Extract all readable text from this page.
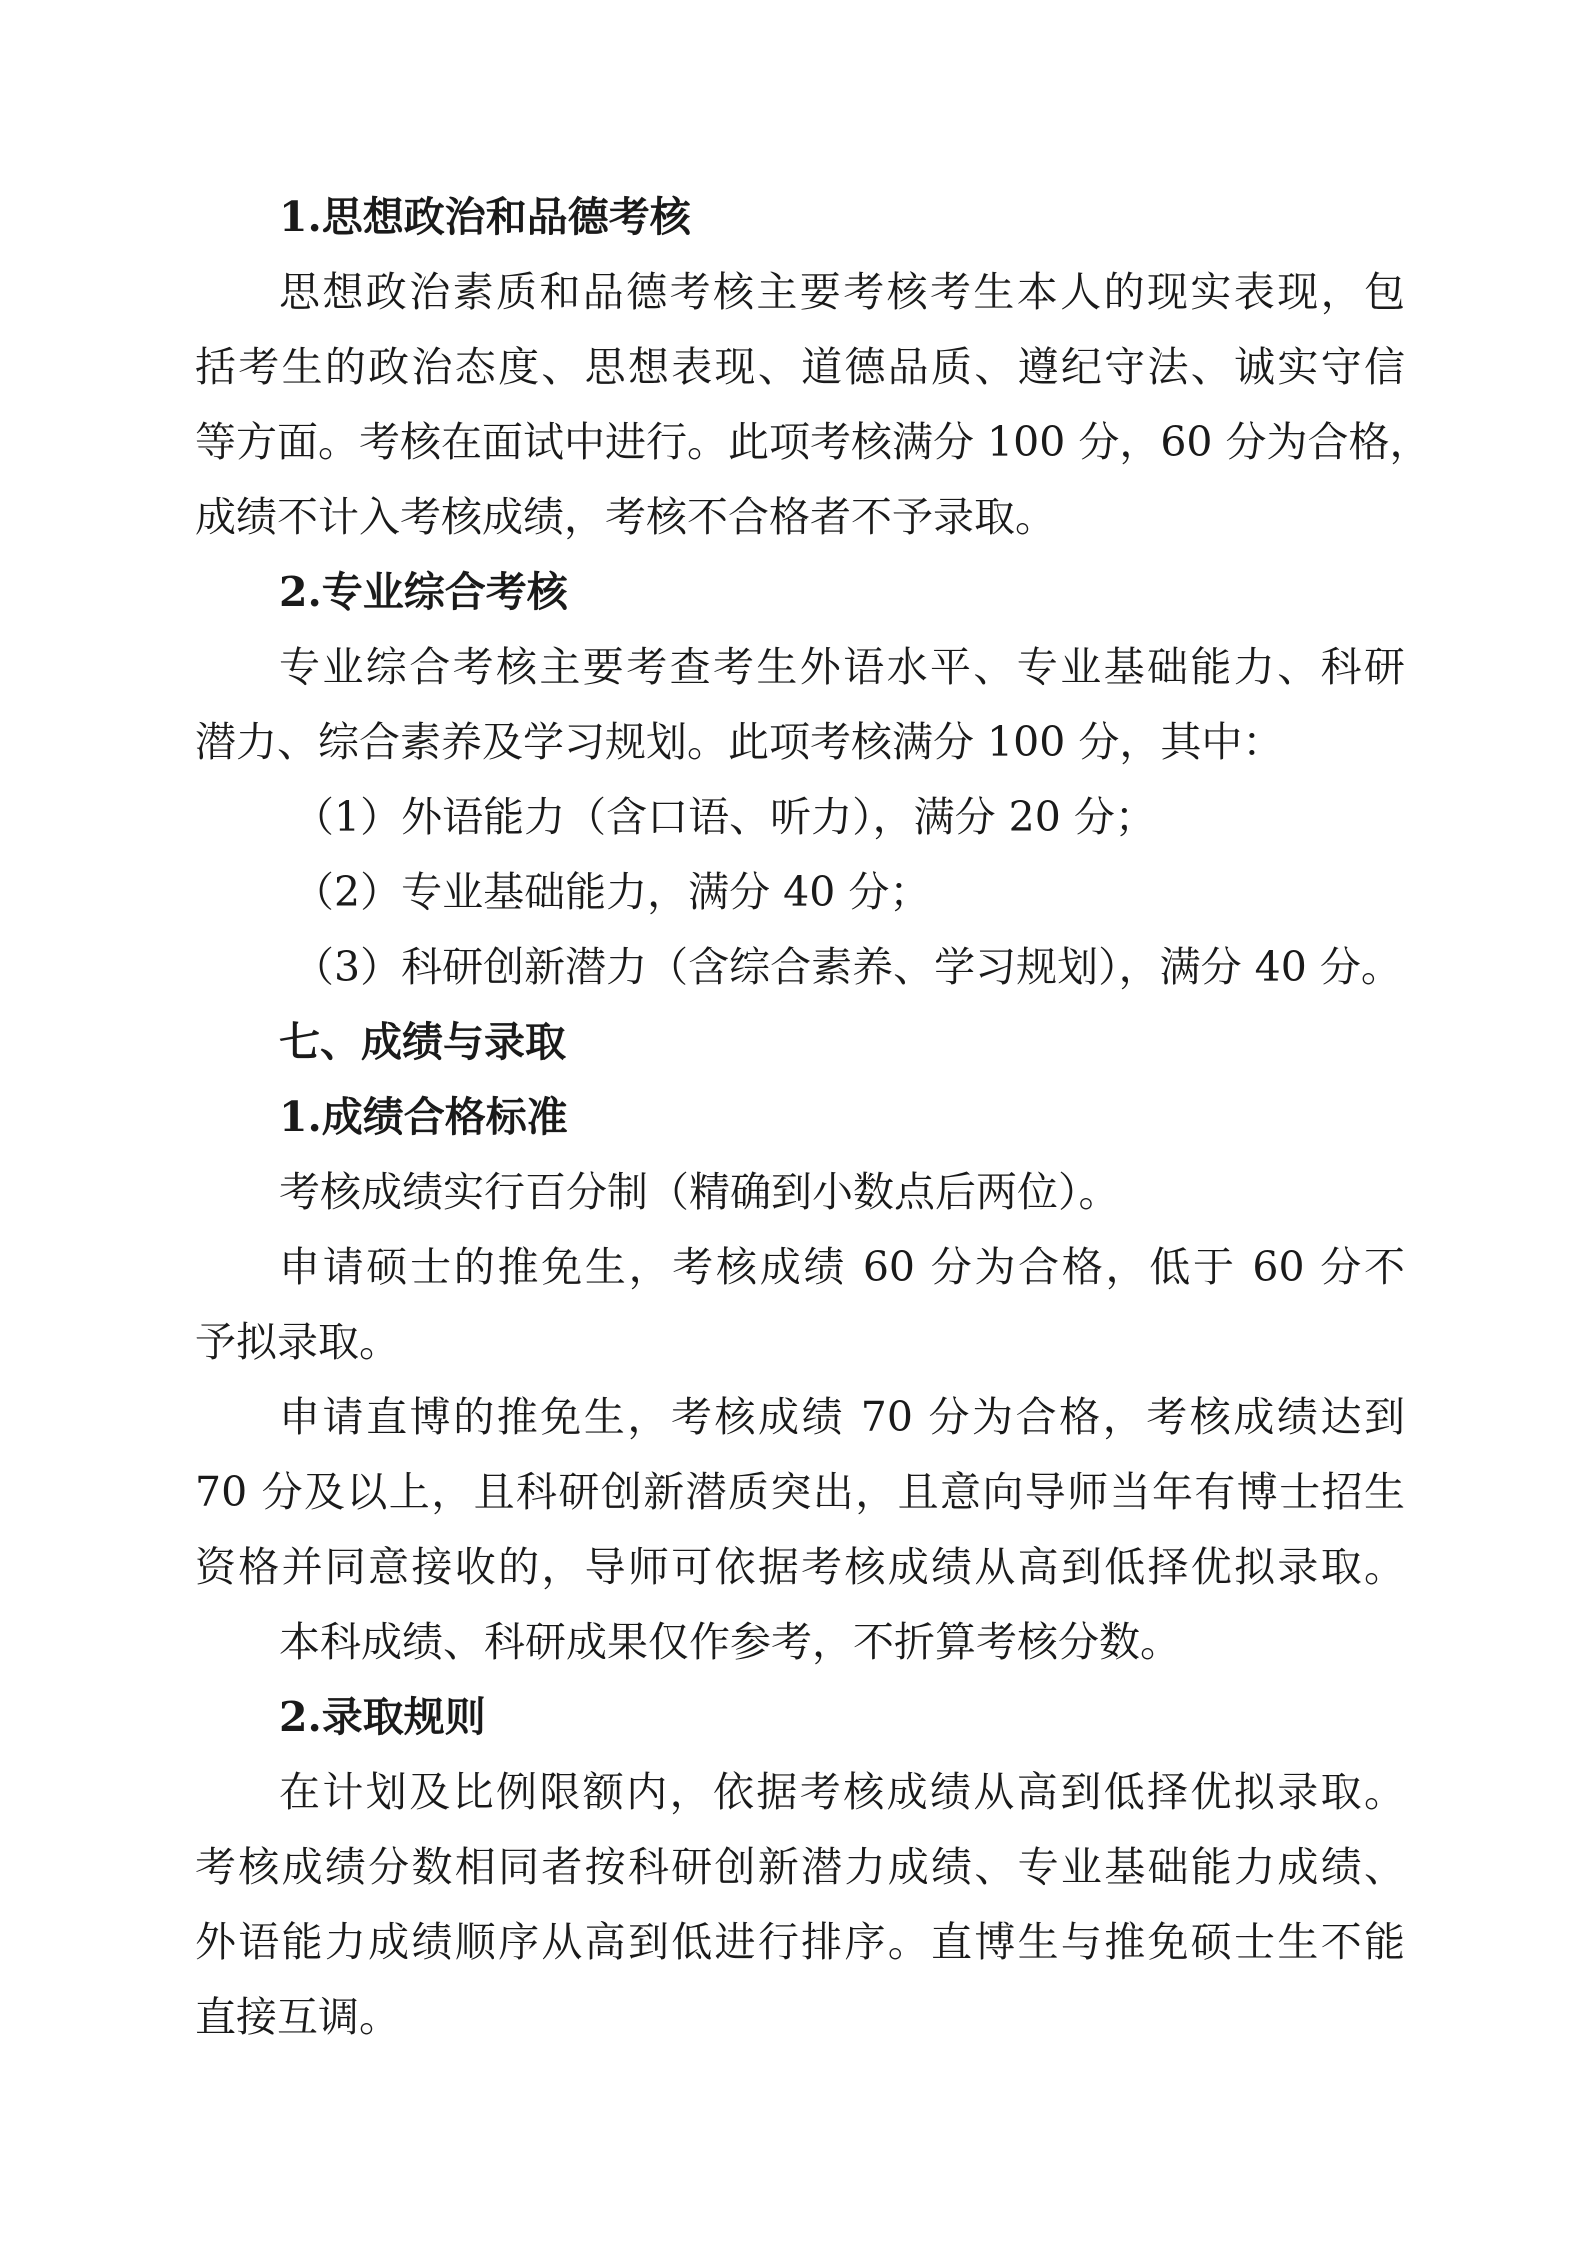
1.思想政治和品德考核

思想政治素质和品德考核主要考核考生本人的现实表现，包

括考生的政治态度、思想表现、道德品质、遵纪守法、诚实守信

等方面。考核在面试中进行。此项考核满分 100 分，60 分为合格，

成绩不计入考核成绩，考核不合格者不予录取。

2.专业综合考核

专业综合考核主要考查考生外语水平、专业基础能力、科研

潜力、综合素养及学习规划。此项考核满分 100 分，其中：

（1）外语能力（含口语、听力），满分 20 分；

（2）专业基础能力，满分 40 分；

（3）科研创新潜力（含综合素养、学习规划），满分 40 分。

七、成绩与录取

1.成绩合格标准

考核成绩实行百分制（精确到小数点后两位）。

申请硕士的推免生，考核成绩 60 分为合格，低于 60 分不

予拟录取。

申请直博的推免生，考核成绩 70 分为合格，考核成绩达到

70 分及以上，且科研创新潜质突出，且意向导师当年有博士招生

资格并同意接收的，导师可依据考核成绩从高到低择优拟录取。

本科成绩、科研成果仅作参考，不折算考核分数。

2.录取规则

在计划及比例限额内，依据考核成绩从高到低择优拟录取。

考核成绩分数相同者按科研创新潜力成绩、专业基础能力成绩、

外语能力成绩顺序从高到低进行排序。直博生与推免硕士生不能

直接互调。
